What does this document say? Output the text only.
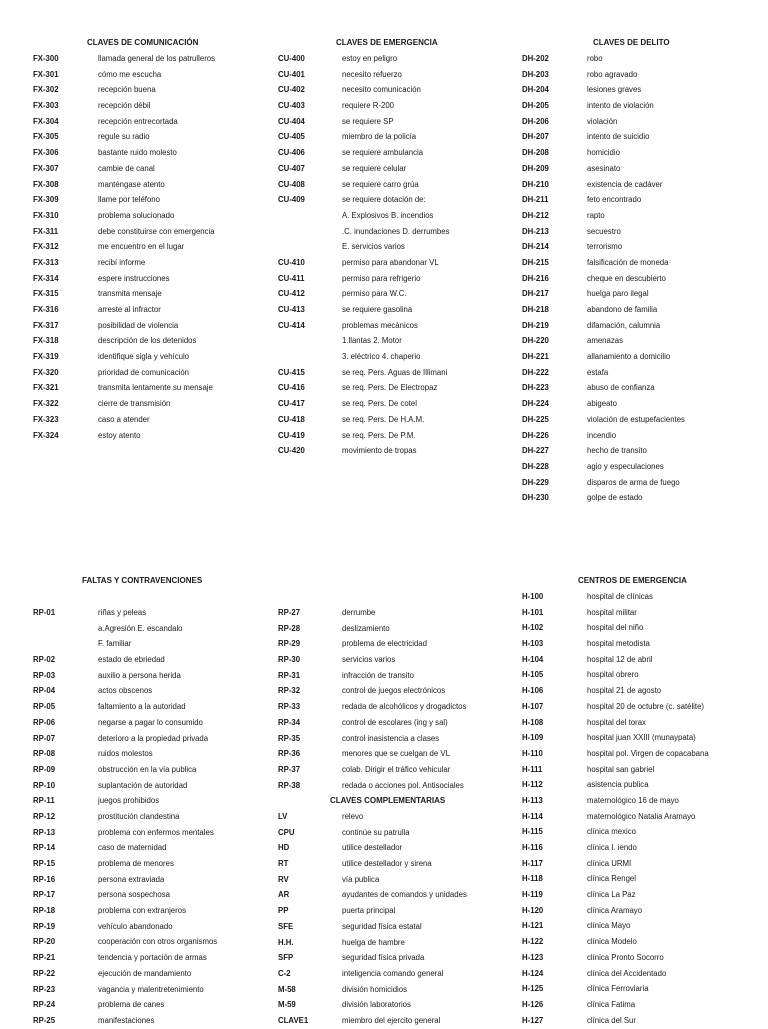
CLAVES DE COMUNICACIÓN	CLAVES DE EMERGENCIA	CLAVES DE DELITO
FALTAS Y CONTRAVENCIONES	CENTROS DE EMERGENCIA
FX-300	llamada general de los patrulleros
FX-301	cómo me escucha
FX-302	recepción buena
FX-303	recepción débil
FX-304	recepción entrecortada
FX-305	regule su radio
FX-306	bastante ruido molesto
FX-307	cambie de canal
FX-308	manténgase atento
FX-309	llame por teléfono
FX-310	problema solucionado
FX-311	debe constituirse con emergencia
FX-312	me encuentro en el lugar
FX-313	recibí informe
FX-314	espere instrucciones
FX-315	transmita mensaje
FX-316	arreste al infractor
FX-317	posibilidad de violencia
FX-318	descripción de los detenidos
FX-319	identifique sigla y vehículo
FX-320	prioridad de comunicación
FX-321	transmita lentamente su mensaje
FX-322	cierre de transmisión
FX-323	caso a atender
FX-324	estoy atento
CU-400	estoy en peligro
CU-401	necesito refuerzo
CU-402	necesito comunicación
CU-403	requiere R-200
CU-404	se requiere SP
CU-405	miembro de la policía
CU-406	se requiere ambulancia
CU-407	se requiere celular
CU-408	se requiere carro grúa
CU-409	se requiere dotación de:
A. Explosivos B. incendios
.C. inundaciones D. derrumbes
E. servicios varios
CU-410	permiso para abandonar VL
CU-411	permiso para refrigerio
CU-412	permiso para W.C.
CU-413	se requiere gasolina
CU-414	problemas mecánicos
1.llantas 2. Motor
3. eléctrico 4. chaperio
CU-415	se req. Pers. Aguas de Illimani
CU-416	se req. Pers. De Electropaz
CU-417	se req. Pers. De cotel
CU-418	se req. Pers. De H.A.M.
CU-419	se req. Pers. De P.M.
CU-420	movimiento de tropas
DH-202	robo
DH-203	robo agravado
DH-204	lesiones graves
DH-205	intento de violación
DH-206	violación
DH-207	intento de suicidio
DH-208	homicidio
DH-209	asesinato
DH-210	existencia de cadáver
DH-211	feto encontrado
DH-212	rapto
DH-213	secuestro
DH-214	terrorismo
DH-215	falsificación de moneda
DH-216	cheque en descubierto
DH-217	huelga paro ilegal
DH-218	abandono de familia
DH-219	difamación, calumnia
DH-220	amenazas
DH-221	allanamiento a domicilio
DH-222	estafa
DH-223	abuso de confianza
DH-224	abigeato
DH-225	violación de estupefacientes
DH-226	incendio
DH-227	hecho de transito
DH-228	agio y especulaciones
DH-229	disparos de arma de fuego
DH-230	golpe de estado
RP-01	riñas y peleas
a.Agresión E. escandalo
F. familiar
RP-02	estado de ebriedad
RP-03	auxilio a persona herida
RP-04	actos obscenos
RP-05	faltamiento a la autoridad
RP-06	negarse a pagar lo consumido
RP-07	deterioro a la propiedad privada
RP-08	ruidos molestos
RP-09	obstrucción en la vía publica
RP-10	suplantación de autoridad
RP-11	juegos prohibidos
RP-12	prostitución clandestina
RP-13	problema con enfermos mentales
RP-14	caso de maternidad
RP-15	problema de menores
RP-16	persona extraviada
RP-17	persona sospechosa
RP-18	problema con extranjeros
RP-19	vehículo abandonado
RP-20	cooperación con otros organismos
RP-21	tendencia y portación de armas
RP-22	ejecución de mandamiento
RP-23	vagancia y malentretenimiento
RP-24	problema de canes
RP-25	manifestaciones
RP-27	derrumbe
RP-28	deslizamiento
RP-29	problema de electricidad
RP-30	servicios varios
RP-31	infracción de transito
RP-32	control de juegos electrónicos
RP-33	redada de alcohólicos y drogadictos
RP-34	control de escolares (ing y sal)
RP-35	control inasistencia a clases
RP-36	menores que se cuelgan de VL
RP-37	colab. Dirigir el tráfico vehicular
RP-38	redada o acciones pol. Antisociales
LV	relevo
CPU	continúe su patrulla
HD	utilice destellador
RT	utilice destellador y sirena
RV	vía publica
AR	ayudantes de comandos y unidades
PP	puerta principal
SFE	seguridad física estatal
H.H.	huelga de hambre
SFP	seguridad física privada
C-2	inteligencia comando general
M-58	división homicidios
M-59	división laboratorios
CLAVE1	miembro del ejercito general
CLAVES COMPLEMENTARIAS
H-100	hospital de clínicas
H-101	hospital militar
H-102	hospital del niño
H-103	hospital metodista
H-104	hospital 12 de abril
H-105	hospital obrero
H-106	hospital 21 de agosto
H-107	hospital 20 de octubre (c. satélite)
H-108	hospital del torax
H-109	hospital juan XXIII (munaypata)
H-110	hospital pol. Virgen de copacabana
H-111	hospital san gabriel
H-112	asistencia publica
H-113	maternológico 16 de mayo
H-114	maternológico Natalia Aramayo
H-115	clínica mexico
H-116	clínica I. iendo
H-117	clínica URMI
H-118	clínica Rengel
H-119	clínica La Paz
H-120	clínica Aramayo
H-121	clínica Mayo
H-122	clínica Modelo
H-123	clínica Pronto Socorro
H-124	clínica del Accidentado
H-125	clínica Ferroviaria
H-126	clínica Fatima
H-127	clínica del Sur
